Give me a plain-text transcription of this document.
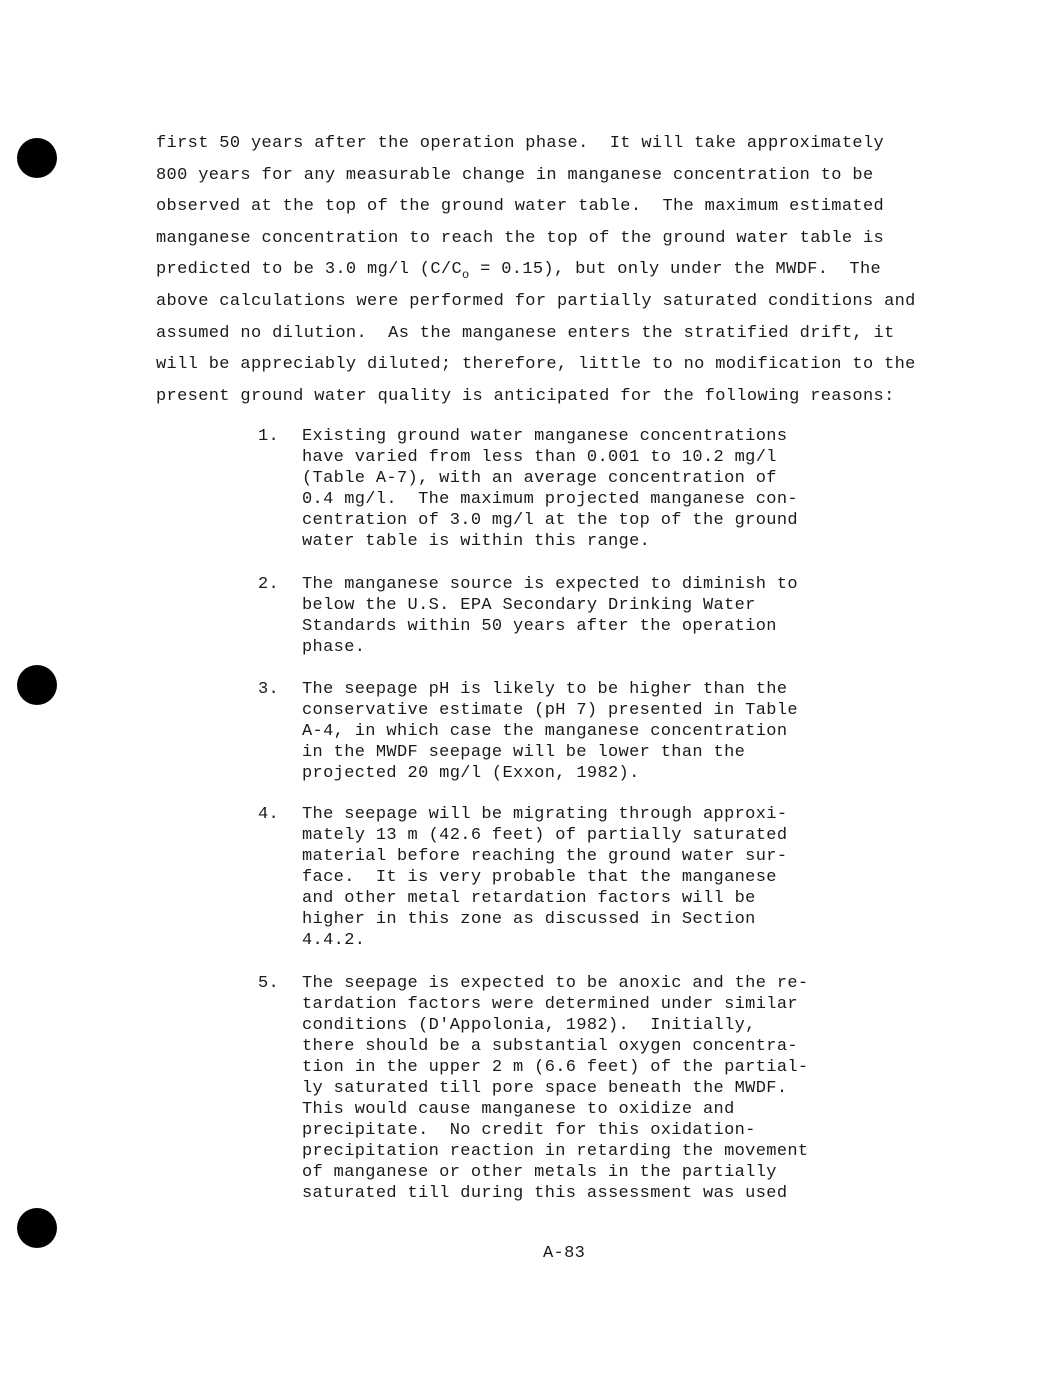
first 50 years after the operation phase.  It will take approximately
800 years for any measurable change in manganese concentration to be
observed at the top of the ground water table.  The maximum estimated
manganese concentration to reach the top of the ground water table is
predicted to be 3.0 mg/l $(C/C_o = 0.15)$, but only under the MWDF.  The
above calculations were performed for partially saturated conditions and
assumed no dilution.  As the manganese enters the stratified drift, it
will be appreciably diluted; therefore, little to no modification to the
present ground water quality is anticipated for the following reasons:
1. Existing ground water manganese concentrations
have varied from less than 0.001 to 10.2 mg/l
(Table A-7), with an average concentration of
0.4 mg/l.  The maximum projected manganese con-
centration of 3.0 mg/l at the top of the ground
water table is within this range.
2. The manganese source is expected to diminish to
below the U.S. EPA Secondary Drinking Water
Standards within 50 years after the operation
phase.
3. The seepage pH is likely to be higher than the
conservative estimate (pH 7) presented in Table
A-4, in which case the manganese concentration
in the MWDF seepage will be lower than the
projected 20 mg/l (Exxon, 1982).
4. The seepage will be migrating through approxi-
mately 13 m (42.6 feet) of partially saturated
material before reaching the ground water sur-
face.  It is very probable that the manganese
and other metal retardation factors will be
higher in this zone as discussed in Section
4.4.2.
5. The seepage is expected to be anoxic and the re-
tardation factors were determined under similar
conditions (D'Appolonia, 1982).  Initially,
there should be a substantial oxygen concentra-
tion in the upper 2 m (6.6 feet) of the partial-
ly saturated till pore space beneath the MWDF.
This would cause manganese to oxidize and
precipitate.  No credit for this oxidation-
precipitation reaction in retarding the movement
of manganese or other metals in the partially
saturated till during this assessment was used
A-83
